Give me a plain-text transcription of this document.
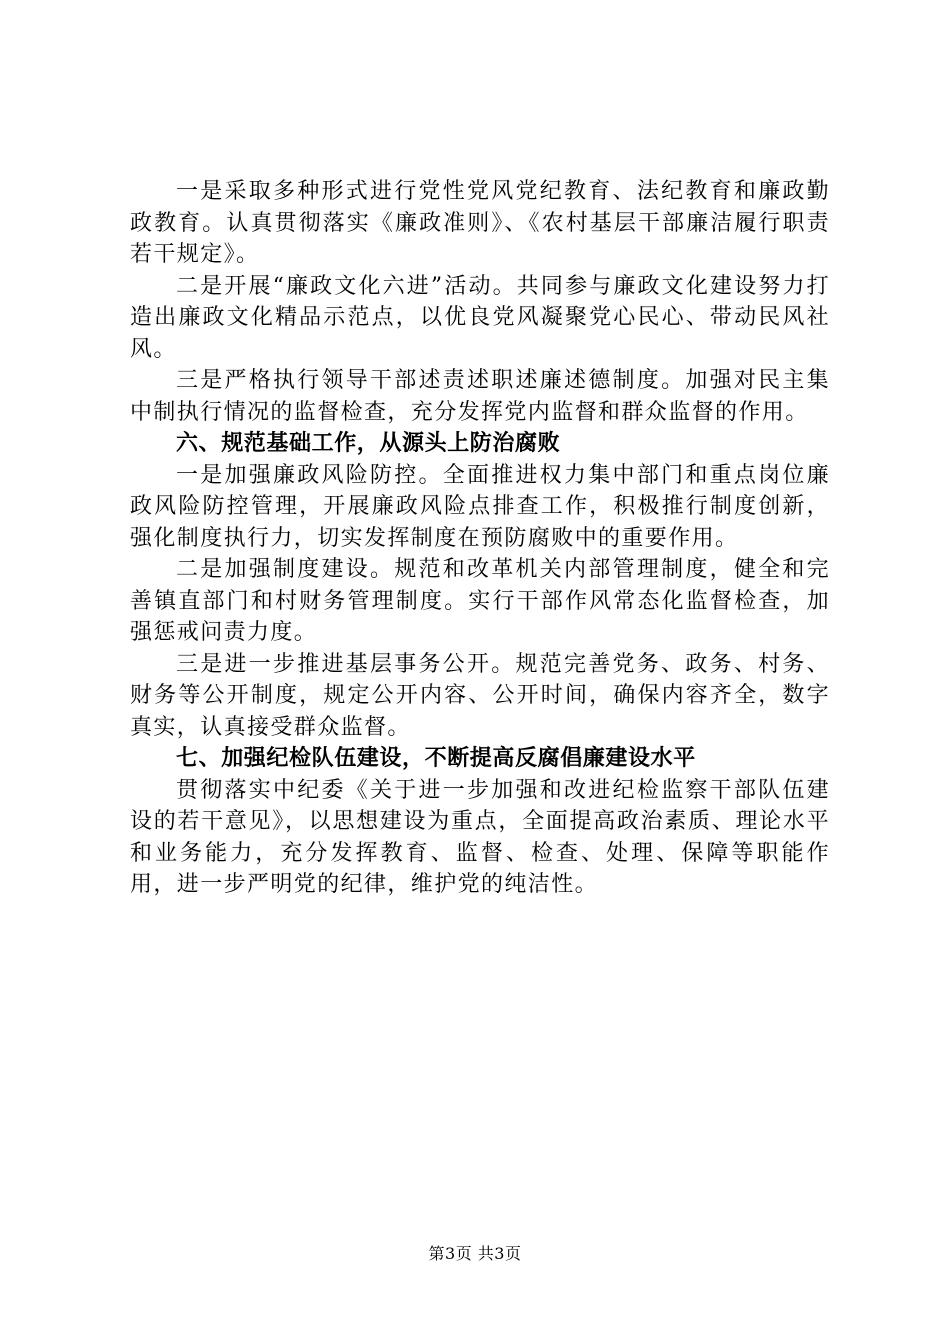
一是采取多种形式进行党性党风党纪教育、法纪教育和廉政勤政教育。认真贯彻落实《廉政准则》、《农村基层干部廉洁履行职责若干规定》。

二是开展“廉政文化六进”活动。共同参与廉政文化建设努力打造出廉政文化精品示范点，以优良党风凝聚党心民心、带动民风社风。

三是严格执行领导干部述责述职述廉述德制度。加强对民主集中制执行情况的监督检查，充分发挥党内监督和群众监督的作用。

六、规范基础工作，从源头上防治腐败

一是加强廉政风险防控。全面推进权力集中部门和重点岗位廉政风险防控管理，开展廉政风险点排查工作，积极推行制度创新，强化制度执行力，切实发挥制度在预防腐败中的重要作用。

二是加强制度建设。规范和改革机关内部管理制度，健全和完善镇直部门和村财务管理制度。实行干部作风常态化监督检查，加强惩戒问责力度。

三是进一步推进基层事务公开。规范完善党务、政务、村务、财务等公开制度，规定公开内容、公开时间，确保内容齐全，数字真实，认真接受群众监督。

七、加强纪检队伍建设，不断提高反腐倡廉建设水平

贯彻落实中纪委《关于进一步加强和改进纪检监察干部队伍建设的若干意见》，以思想建设为重点，全面提高政治素质、理论水平和业务能力，充分发挥教育、监督、检查、处理、保障等职能作用，进一步严明党的纪律，维护党的纯洁性。

第3页 共3页
